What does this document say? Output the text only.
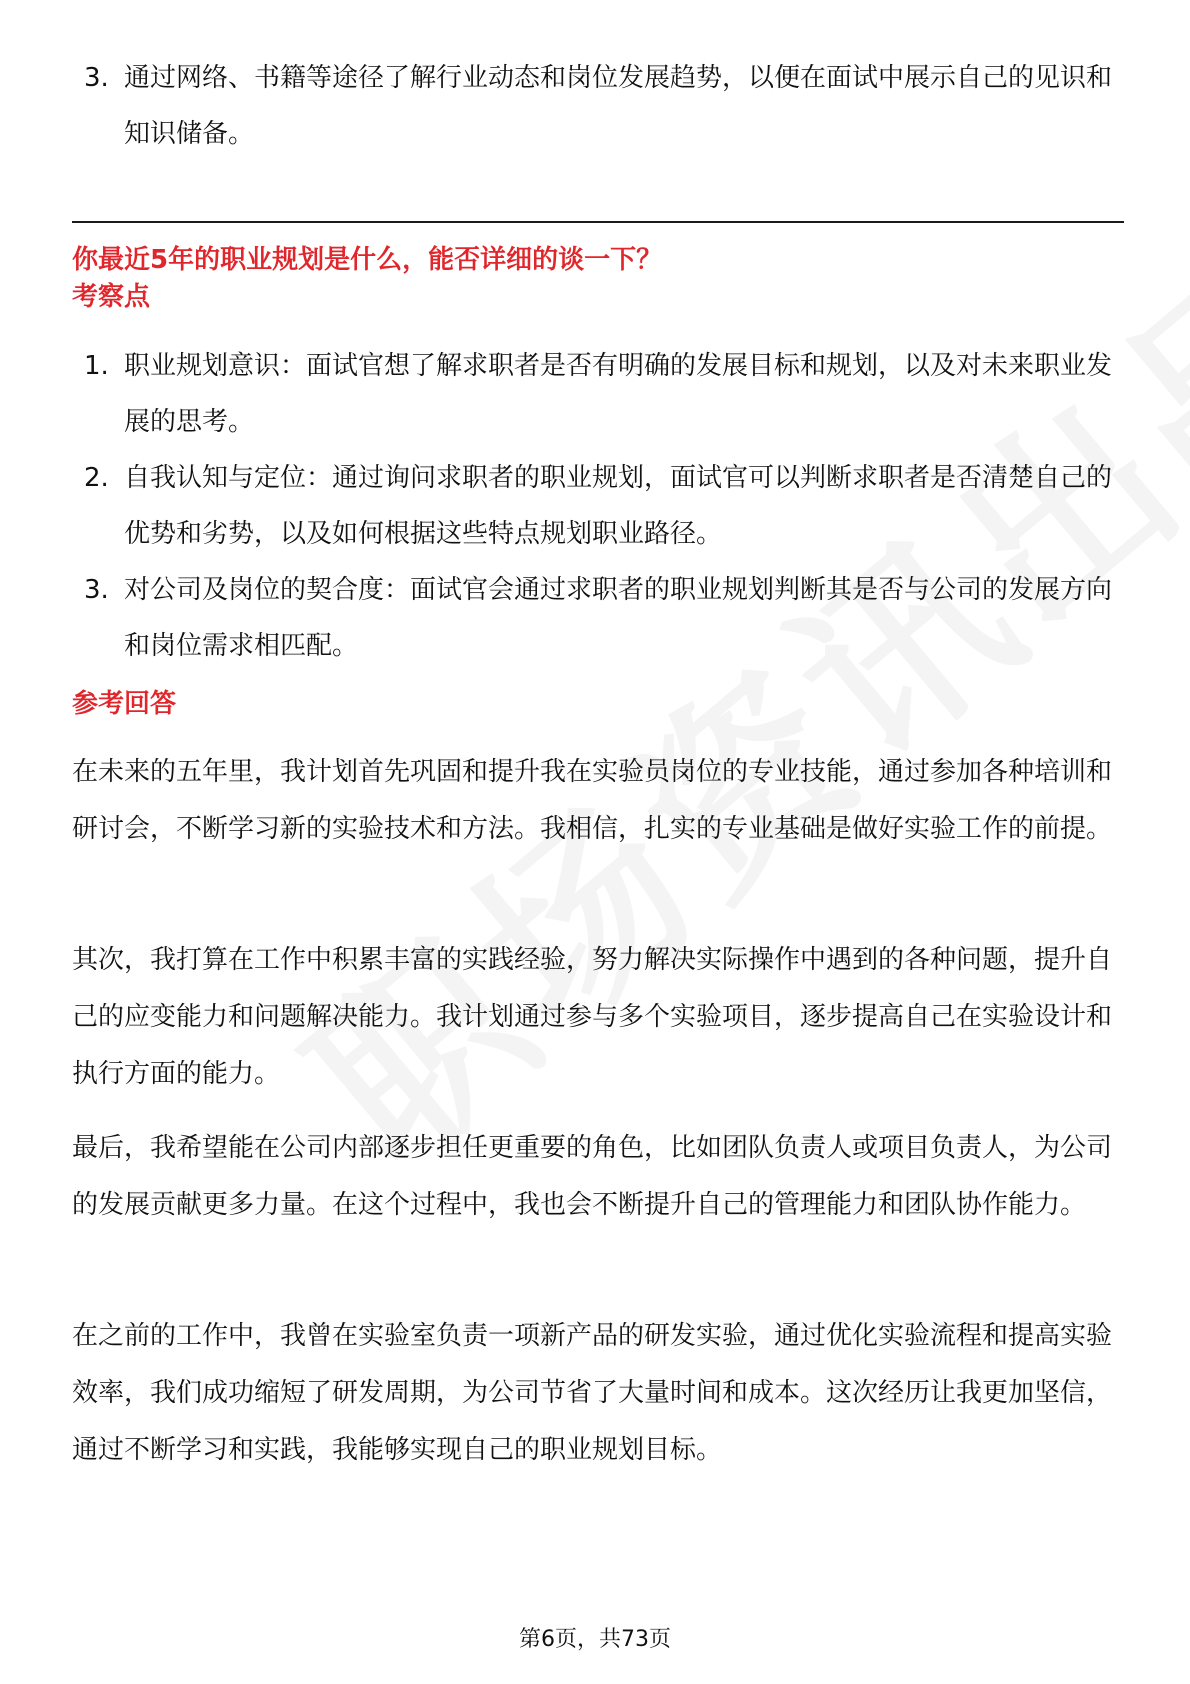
3. 通过网络、书籍等途径了解行业动态和岗位发展趋势，以便在面试中展示自己的见识和知识储备。
你最近5年的职业规划是什么，能否详细的谈一下？
考察点
1. 职业规划意识：面试官想了解求职者是否有明确的发展目标和规划，以及对未来职业发展的思考。
2. 自我认知与定位：通过询问求职者的职业规划，面试官可以判断求职者是否清楚自己的优势和劣势，以及如何根据这些特点规划职业路径。
3. 对公司及岗位的契合度：面试官会通过求职者的职业规划判断其是否与公司的发展方向和岗位需求相匹配。
参考回答

在未来的五年里，我计划首先巩固和提升我在实验员岗位的专业技能，通过参加各种培训和研讨会，不断学习新的实验技术和方法。我相信，扎实的专业基础是做好实验工作的前提。

其次，我打算在工作中积累丰富的实践经验，努力解决实际操作中遇到的各种问题，提升自己的应变能力和问题解决能力。我计划通过参与多个实验项目，逐步提高自己在实验设计和执行方面的能力。

最后，我希望能在公司内部逐步担任更重要的角色，比如团队负责人或项目负责人，为公司的发展贡献更多力量。在这个过程中，我也会不断提升自己的管理能力和团队协作能力。

在之前的工作中，我曾在实验室负责一项新产品的研发实验，通过优化实验流程和提高实验效率，我们成功缩短了研发周期，为公司节省了大量时间和成本。这次经历让我更加坚信，通过不断学习和实践，我能够实现自己的职业规划目标。

第6页，共73页
